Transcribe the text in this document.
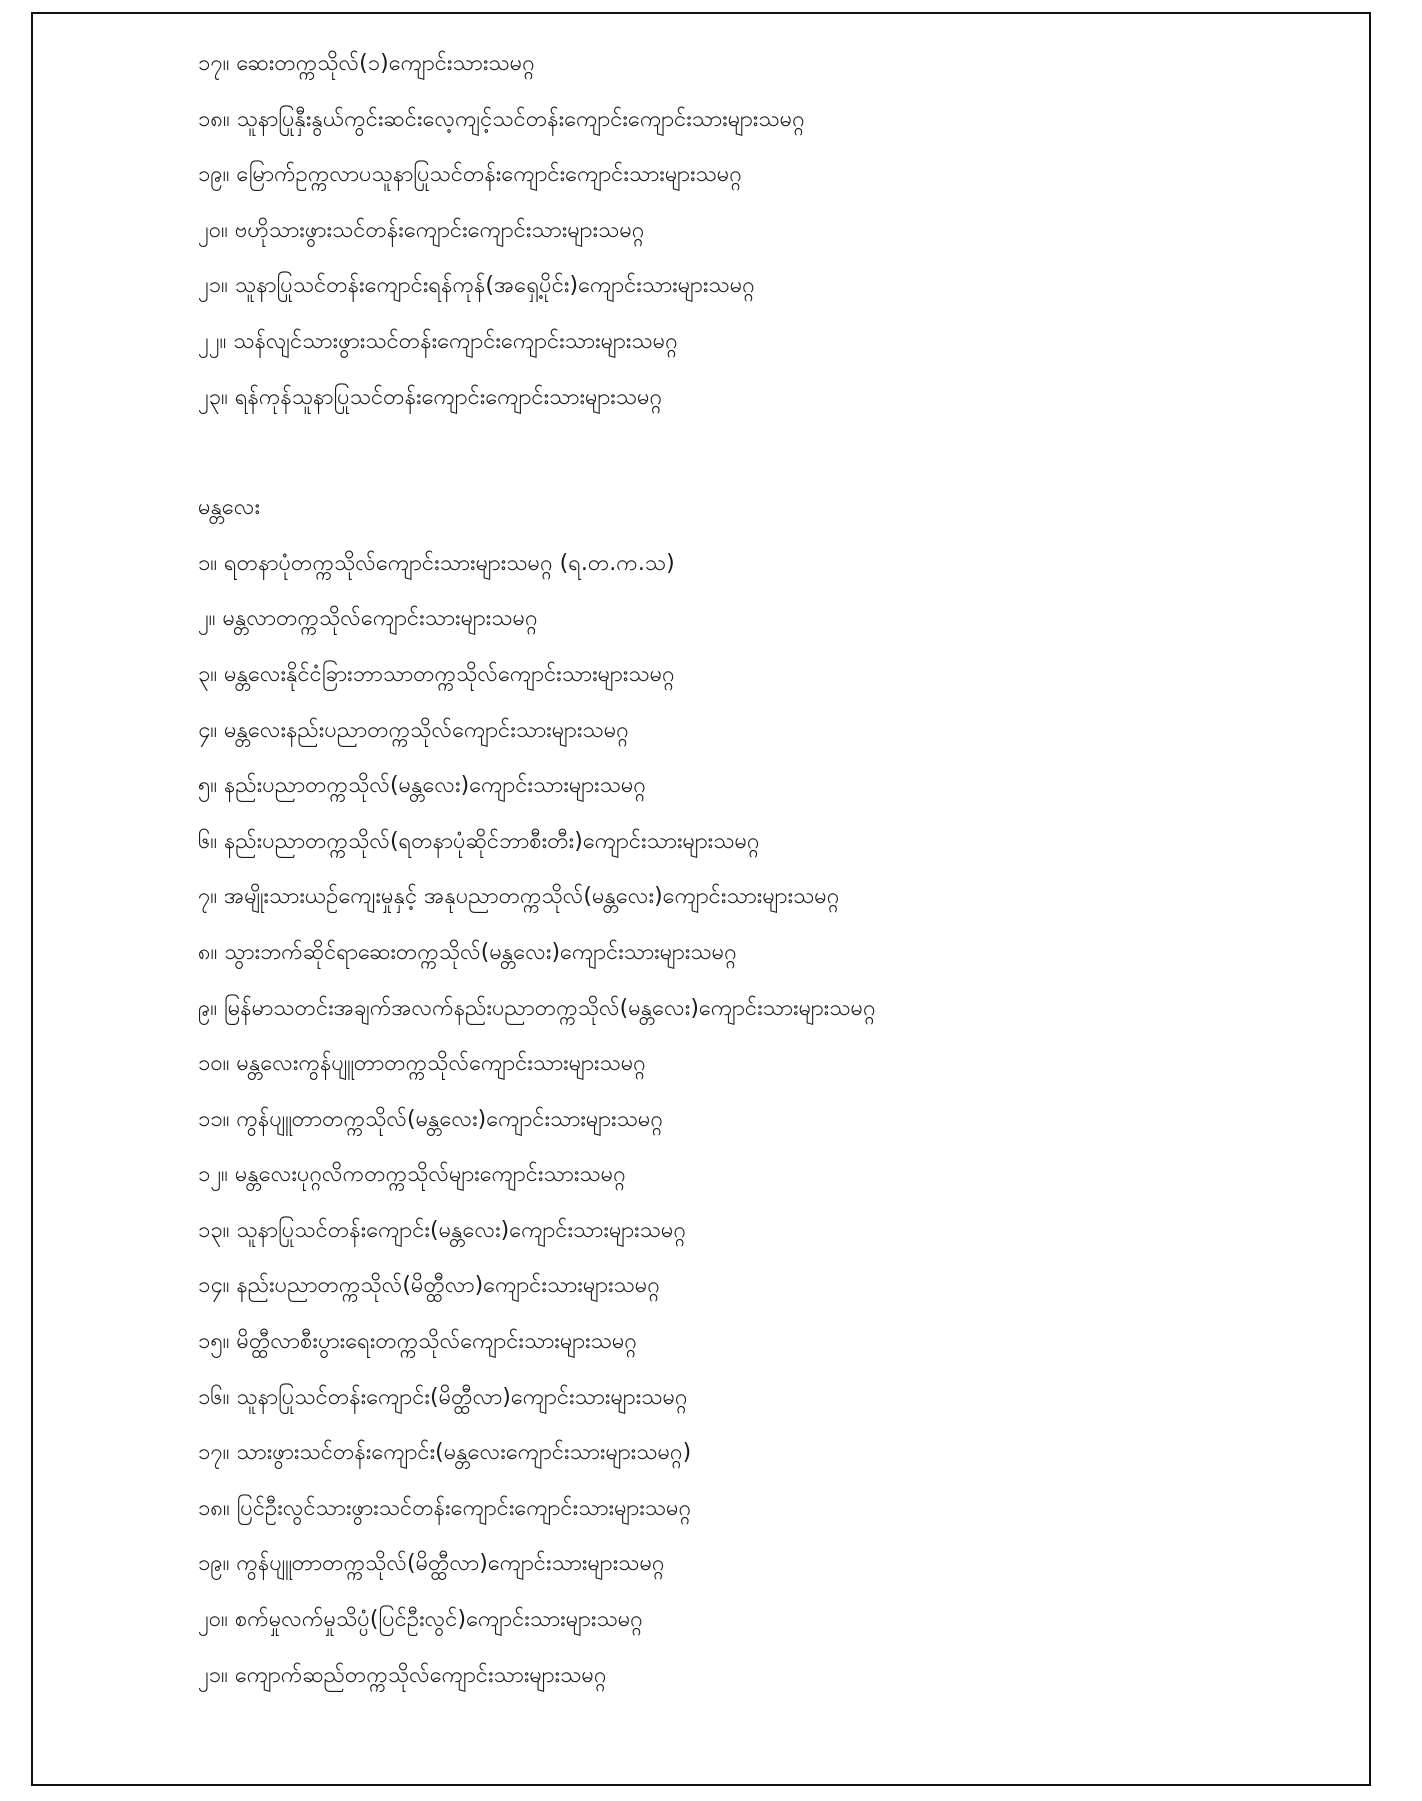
၁၇။ ဆေးတက္ကသိုလ်(၁)ကျောင်းသားသမဂ္ဂ
၁၈။ သူနာပြုနှီးနွယ်ကွင်းဆင်းလေ့ကျင့်သင်တန်းကျောင်းကျောင်းသားများသမဂ္ဂ
၁၉။ မြောက်ဥက္ကလာပသူနာပြုသင်တန်းကျောင်းကျောင်းသားများသမဂ္ဂ
၂၀။ ဗဟိုသားဖွားသင်တန်းကျောင်းကျောင်းသားများသမဂ္ဂ
၂၁။ သူနာပြုသင်တန်းကျောင်းရန်ကုန်(အရှေ့ပိုင်း)ကျောင်းသားများသမဂ္ဂ
၂၂။ သန်လျင်သားဖွားသင်တန်းကျောင်းကျောင်းသားများသမဂ္ဂ
၂၃။ ရန်ကုန်သူနာပြုသင်တန်းကျောင်းကျောင်းသားများသမဂ္ဂ
မန္တလေး
၁။ ရတနာပုံတက္ကသိုလ်ကျောင်းသားများသမဂ္ဂ (ရ.တ.က.သ)
၂။ မန္တလာတက္ကသိုလ်ကျောင်းသားများသမဂ္ဂ
၃။ မန္တလေးနိုင်ငံခြားဘာသာတက္ကသိုလ်ကျောင်းသားများသမဂ္ဂ
၄။ မန္တလေးနည်းပညာတက္ကသိုလ်ကျောင်းသားများသမဂ္ဂ
၅။ နည်းပညာတက္ကသိုလ်(မန္တလေး)ကျောင်းသားများသမဂ္ဂ
၆။ နည်းပညာတက္ကသိုလ်(ရတနာပုံဆိုင်ဘာစီးတီး)ကျောင်းသားများသမဂ္ဂ
၇။ အမျိုးသားယဉ်ကျေးမှုနှင့် အနုပညာတက္ကသိုလ်(မန္တလေး)ကျောင်းသားများသမဂ္ဂ
၈။ သွားဘက်ဆိုင်ရာဆေးတက္ကသိုလ်(မန္တလေး)ကျောင်းသားများသမဂ္ဂ
၉။ မြန်မာသတင်းအချက်အလက်နည်းပညာတက္ကသိုလ်(မန္တလေး)ကျောင်းသားများသမဂ္ဂ
၁၀။ မန္တလေးကွန်ပျူတာတက္ကသိုလ်ကျောင်းသားများသမဂ္ဂ
၁၁။ ကွန်ပျူတာတက္ကသိုလ်(မန္တလေး)ကျောင်းသားများသမဂ္ဂ
၁၂။ မန္တလေးပုဂ္ဂလိကတက္ကသိုလ်များကျောင်းသားသမဂ္ဂ
၁၃။ သူနာပြုသင်တန်းကျောင်း(မန္တလေး)ကျောင်းသားများသမဂ္ဂ
၁၄။ နည်းပညာတက္ကသိုလ်(မိတ္ထီလာ)ကျောင်းသားများသမဂ္ဂ
၁၅။ မိတ္ထီလာစီးပွားရေးတက္ကသိုလ်ကျောင်းသားများသမဂ္ဂ
၁၆။ သူနာပြုသင်တန်းကျောင်း(မိတ္ထီလာ)ကျောင်းသားများသမဂ္ဂ
၁၇။ သားဖွားသင်တန်းကျောင်း(မန္တလေးကျောင်းသားများသမဂ္ဂ)
၁၈။ ပြင်ဦးလွင်သားဖွားသင်တန်းကျောင်းကျောင်းသားများသမဂ္ဂ
၁၉။ ကွန်ပျူတာတက္ကသိုလ်(မိတ္ထီလာ)ကျောင်းသားများသမဂ္ဂ
၂၀။ စက်မှုလက်မှုသိပ္ပံ(ပြင်ဦးလွင်)ကျောင်းသားများသမဂ္ဂ
၂၁။ ကျောက်ဆည်တက္ကသိုလ်ကျောင်းသားများသမဂ္ဂ
